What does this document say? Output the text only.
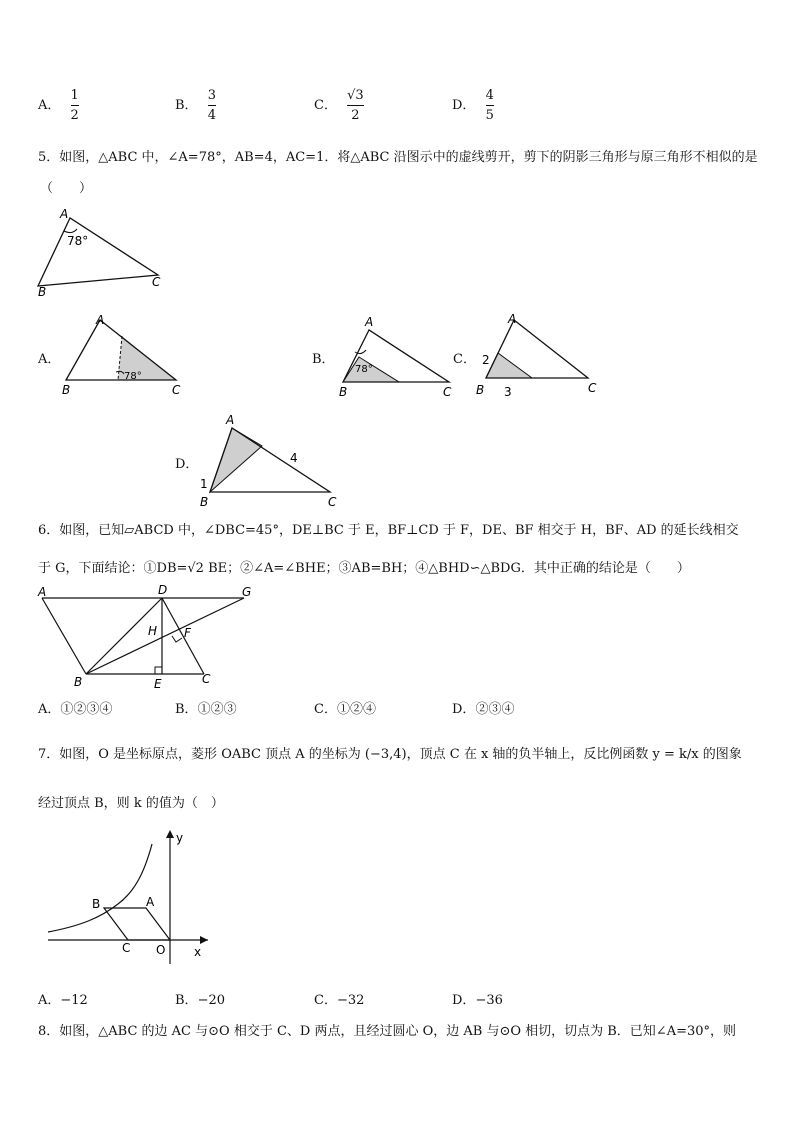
A． $\frac{1}{2}$	B． $\frac{3}{4}$	C． $\frac{√3}{2}$	D． $\frac{4}{5}$
5．如图，△ABC 中，∠A=78°，AB=4，AC=1．将△ABC 沿图示中的虚线剪开，剪下的阴影三角形与原三角形不相似的是
（　　）
A
78°
B
C
A．
A
78°
B	C
B．
A
78°
B	C
C．
A
2
B 3	C
D．
A
1
4
B	C
6．如图，已知▱ABCD 中，∠DBC=45°，DE⊥BC 于 E，BF⊥CD 于 F，DE、BF 相交于 H，BF、AD 的延长线相交
于 G，下面结论：①DB=√2 BE；②∠A=∠BHE；③AB=BH；④△BHD∽△BDG．其中正确的结论是（　　）
A	D	G
H F
B	E	C
A．①②③④	B．①②③	C．①②④	D．②③④
7．如图，O 是坐标原点，菱形 OABC 顶点 A 的坐标为 (−3,4)，顶点 C 在 x 轴的负半轴上，反比例函数 y = k/x 的图象
经过顶点 B，则 k 的值为（　）
y
x
B	A
C O
A．−12	B．−20	C．−32	D．−36
8．如图，△ABC 的边 AC 与⊙O 相交于 C、D 两点，且经过圆心 O，边 AB 与⊙O 相切，切点为 B．已知∠A=30°，则
